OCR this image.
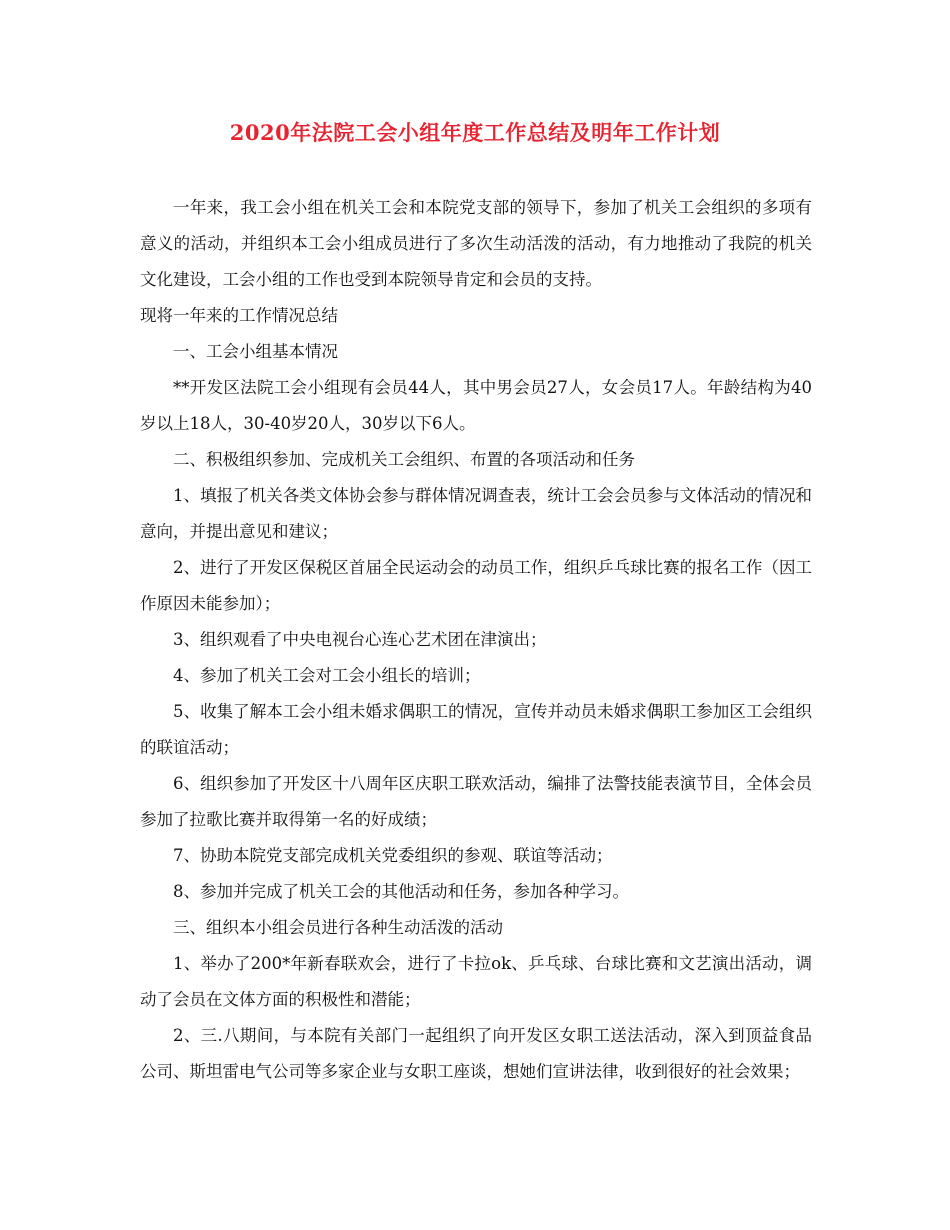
2020年法院工会小组年度工作总结及明年工作计划

一年来，我工会小组在机关工会和本院党支部的领导下，参加了机关工会组织的多项有意义的活动，并组织本工会小组成员进行了多次生动活泼的活动，有力地推动了我院的机关文化建设，工会小组的工作也受到本院领导肯定和会员的支持。

现将一年来的工作情况总结

一、工会小组基本情况

**开发区法院工会小组现有会员44人，其中男会员27人，女会员17人。年龄结构为40岁以上18人，30-40岁20人，30岁以下6人。

二、积极组织参加、完成机关工会组织、布置的各项活动和任务

1、填报了机关各类文体协会参与群体情况调查表，统计工会会员参与文体活动的情况和意向，并提出意见和建议；

2、进行了开发区保税区首届全民运动会的动员工作，组织乒乓球比赛的报名工作（因工作原因未能参加）；

3、组织观看了中央电视台心连心艺术团在津演出；

4、参加了机关工会对工会小组长的培训；

5、收集了解本工会小组未婚求偶职工的情况，宣传并动员未婚求偶职工参加区工会组织的联谊活动；

6、组织参加了开发区十八周年区庆职工联欢活动，编排了法警技能表演节目，全体会员参加了拉歌比赛并取得第一名的好成绩；

7、协助本院党支部完成机关党委组织的参观、联谊等活动；

8、参加并完成了机关工会的其他活动和任务，参加各种学习。

三、组织本小组会员进行各种生动活泼的活动

1、举办了200*年新春联欢会，进行了卡拉ok、乒乓球、台球比赛和文艺演出活动，调动了会员在文体方面的积极性和潜能；

2、三.八期间，与本院有关部门一起组织了向开发区女职工送法活动，深入到顶益食品公司、斯坦雷电气公司等多家企业与女职工座谈，想她们宣讲法律，收到很好的社会效果；
